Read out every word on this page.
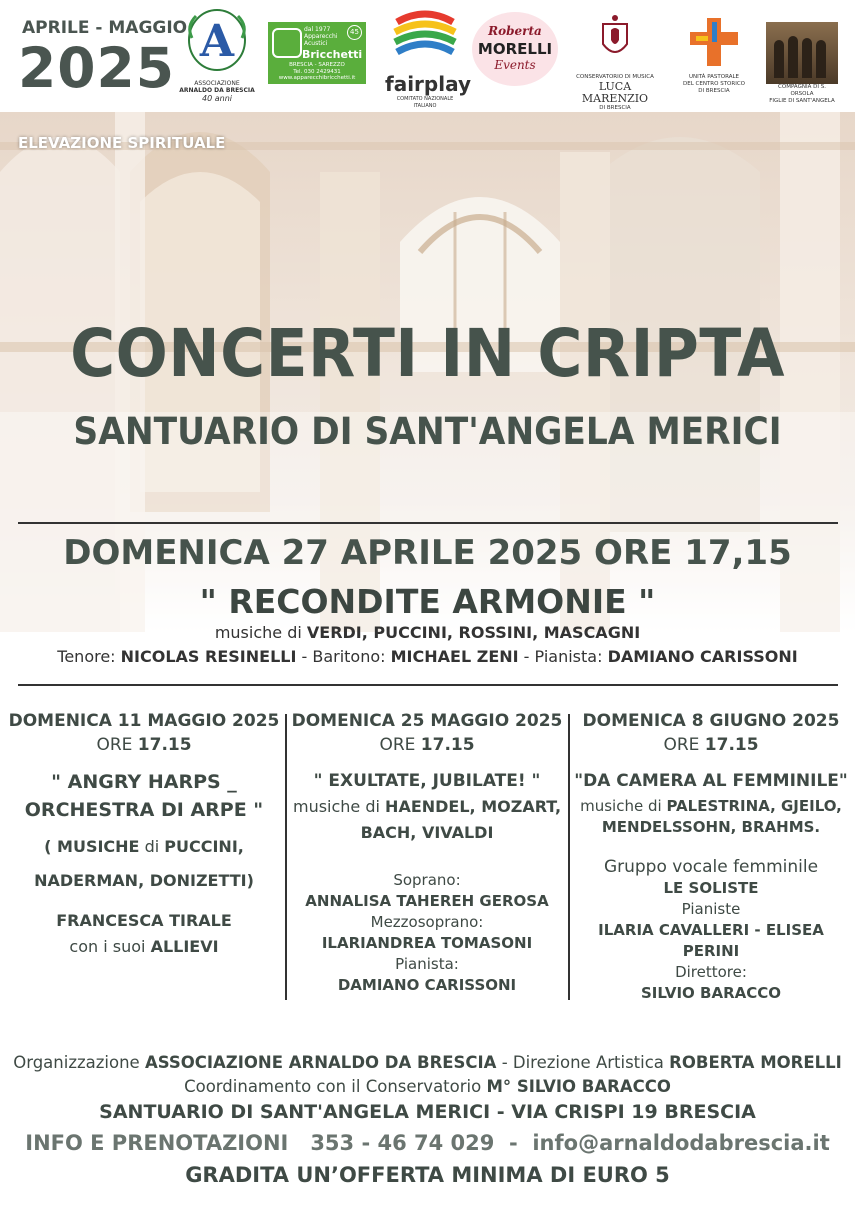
APRILE - MAGGIO
2025 A
ASSOCIAZIONE
ARNALDO DA BRESCIA
40 anni
dal 1977
Apparecchi
Acustici
45
Bricchetti
BRESCIA - SAREZZO
Tel. 030 2429431
www.apparecchibricchetti.it	fairplay
COMITATO NAZIONALE ITALIANO
Roberta
MORELLI
Events
CONSERVATORIO DI MUSICA
LUCA MARENZIO
DI BRESCIA
UNITÀ PASTORALE
DEL CENTRO STORICO
DI BRESCIA
COMPAGNIA DI S. ORSOLA
FIGLIE DI SANT'ANGELA
ELEVAZIONE SPIRITUALE
CONCERTI IN CRIPTA
SANTUARIO DI SANT'ANGELA MERICI
DOMENICA 27 APRILE 2025 ORE 17,15
" RECONDITE ARMONIE "
musiche di VERDI, PUCCINI, ROSSINI, MASCAGNI
Tenore: NICOLAS RESINELLI - Baritono: MICHAEL ZENI - Pianista: DAMIANO CARISSONI
DOMENICA 11 MAGGIO 2025
ORE 17.15
" ANGRY HARPS _
ORCHESTRA DI ARPE "
( MUSICHE di PUCCINI,
NADERMAN, DONIZETTI)
FRANCESCA TIRALE
con i suoi ALLIEVI
DOMENICA 25 MAGGIO 2025
ORE 17.15
" EXULTATE, JUBILATE! "
musiche di HAENDEL, MOZART,
BACH, VIVALDI
Soprano:
ANNALISA TAHEREH GEROSA
Mezzosoprano:
ILARIANDREA TOMASONI
Pianista:
DAMIANO CARISSONI
DOMENICA 8 GIUGNO 2025
ORE 17.15
"DA CAMERA AL FEMMINILE"
musiche di PALESTRINA, GJEILO,
MENDELSSOHN, BRAHMS.
Gruppo vocale femminile
LE SOLISTE
Pianiste
ILARIA CAVALLERI - ELISEA PERINI
Direttore:
SILVIO BARACCO
Organizzazione ASSOCIAZIONE ARNALDO DA BRESCIA - Direzione Artistica ROBERTA MORELLI
Coordinamento con il Conservatorio M° SILVIO BARACCO
SANTUARIO DI SANT'ANGELA MERICI - VIA CRISPI 19 BRESCIA
INFO E PRENOTAZIONI 353 - 46 74 029 - info@arnaldodabrescia.it
GRADITA UN’OFFERTA MINIMA DI EURO 5
